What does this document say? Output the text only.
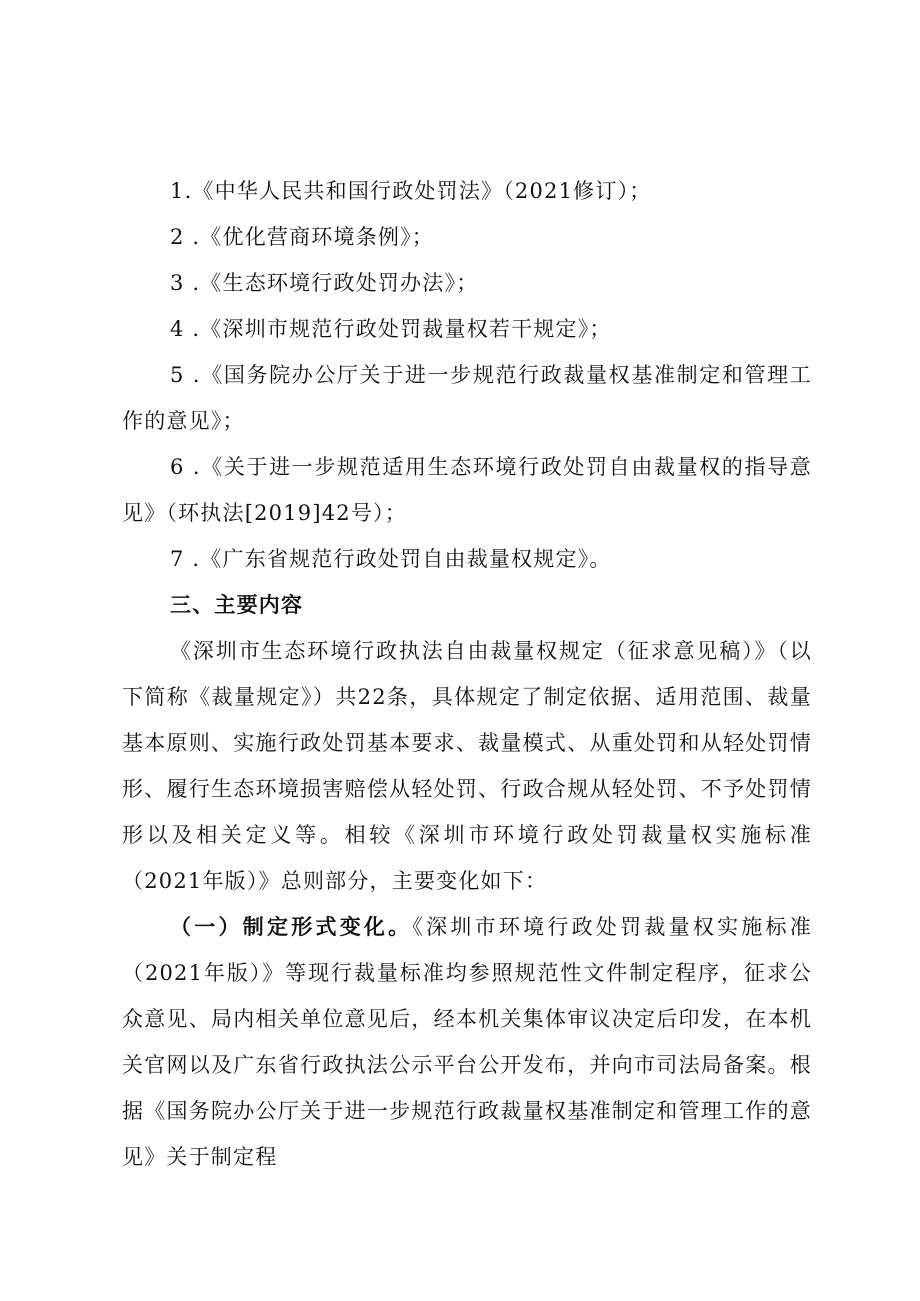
1.《中华人民共和国行政处罚法》（2021修订）；

2 .《优化营商环境条例》；

3 .《生态环境行政处罚办法》；

4 .《深圳市规范行政处罚裁量权若干规定》；

5 .《国务院办公厅关于进一步规范行政裁量权基准制定和管理工作的意见》；

6 .《关于进一步规范适用生态环境行政处罚自由裁量权的指导意见》（环执法[2019]42号）；

7 .《广东省规范行政处罚自由裁量权规定》。

三、主要内容

《深圳市生态环境行政执法自由裁量权规定（征求意见稿）》（以下简称《裁量规定》）共22条，具体规定了制定依据、适用范围、裁量基本原则、实施行政处罚基本要求、裁量模式、从重处罚和从轻处罚情形、履行生态环境损害赔偿从轻处罚、行政合规从轻处罚、不予处罚情形以及相关定义等。相较《深圳市环境行政处罚裁量权实施标准（2021年版）》总则部分，主要变化如下：

（一）制定形式变化。《深圳市环境行政处罚裁量权实施标准（2021年版）》等现行裁量标准均参照规范性文件制定程序，征求公众意见、局内相关单位意见后，经本机关集体审议决定后印发，在本机关官网以及广东省行政执法公示平台公开发布，并向市司法局备案。根据《国务院办公厅关于进一步规范行政裁量权基准制定和管理工作的意见》关于制定程
